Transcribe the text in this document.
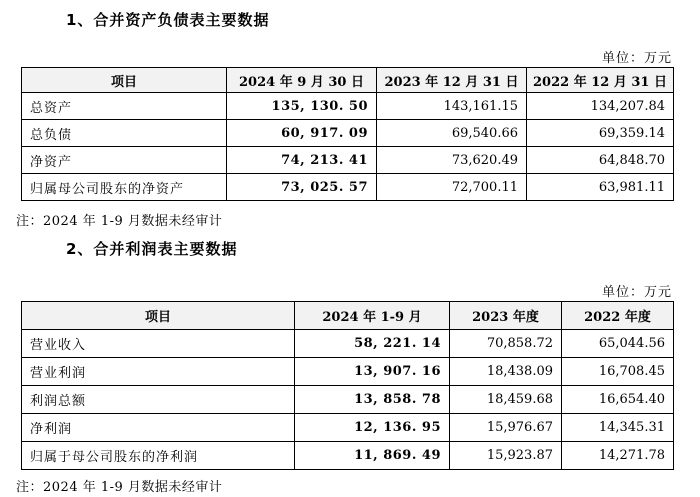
1、合并资产负债表主要数据
单位：万元
项目	2024 年 9 月 30 日	2023 年 12 月 31 日	2022 年 12 月 31 日
总资产	135, 130. 50	143,161.15	134,207.84
总负债	60, 917. 09	69,540.66	69,359.14
净资产	74, 213. 41	73,620.49	64,848.70
归属母公司股东的净资产	73, 025. 57	72,700.11	63,981.11
注：2024 年 1-9 月数据未经审计
2、合并利润表主要数据
单位：万元
项目	2024 年 1-9 月	2023 年度	2022 年度
营业收入	58, 221. 14	70,858.72	65,044.56
营业利润	13, 907. 16	18,438.09	16,708.45
利润总额	13, 858. 78	18,459.68	16,654.40
净利润	12, 136. 95	15,976.67	14,345.31
归属于母公司股东的净利润	11, 869. 49	15,923.87	14,271.78
注：2024 年 1-9 月数据未经审计
